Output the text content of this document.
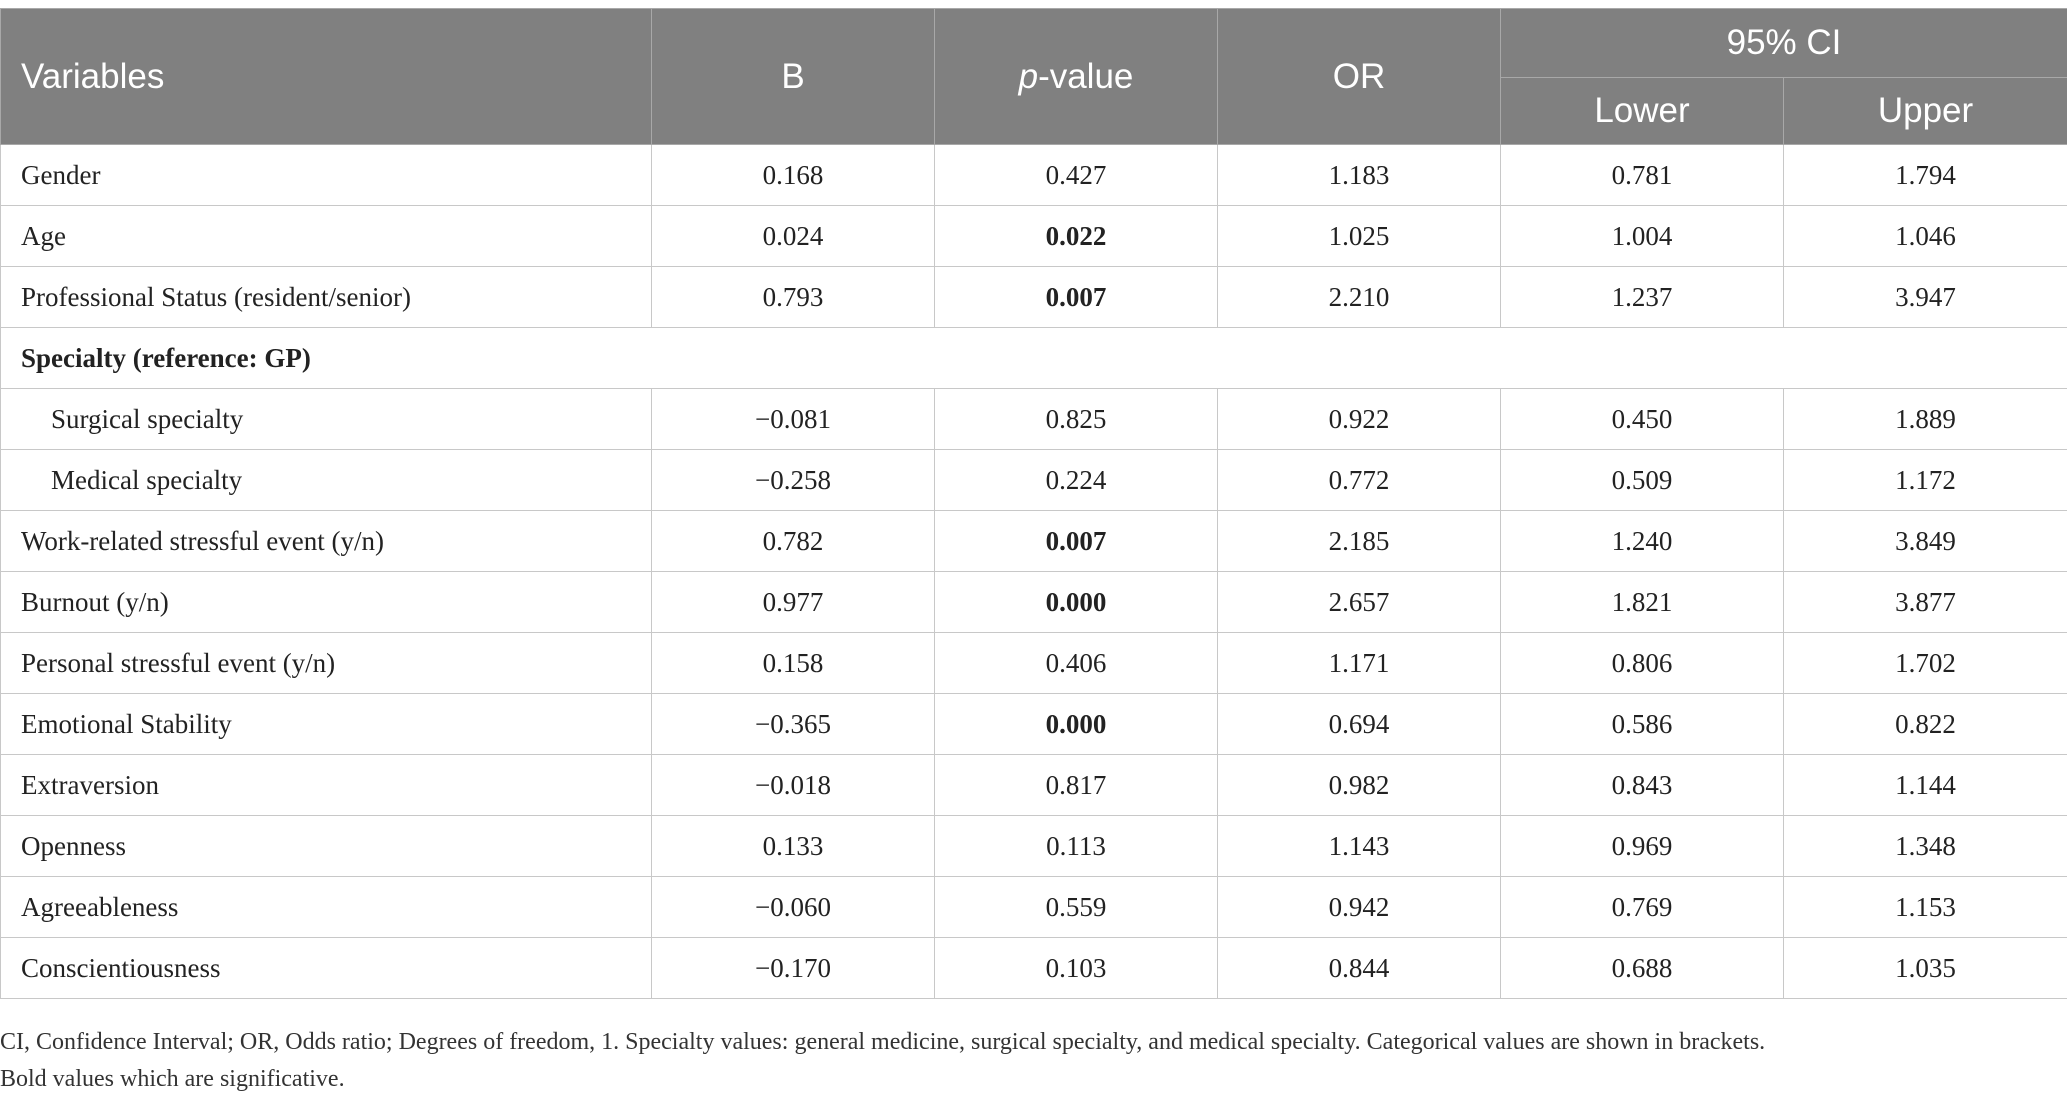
Variables	B	p-value	OR	95% CI	
				Lower	Upper
Gender	0.168	0.427	1.183	0.781	1.794
Age	0.024	0.022	1.025	1.004	1.046
Professional Status (resident/senior)	0.793	0.007	2.210	1.237	3.947
Specialty (reference: GP)					
Surgical specialty	−0.081	0.825	0.922	0.450	1.889
Medical specialty	−0.258	0.224	0.772	0.509	1.172
Work-related stressful event (y/n)	0.782	0.007	2.185	1.240	3.849
Burnout (y/n)	0.977	0.000	2.657	1.821	3.877
Personal stressful event (y/n)	0.158	0.406	1.171	0.806	1.702
Emotional Stability	−0.365	0.000	0.694	0.586	0.822
Extraversion	−0.018	0.817	0.982	0.843	1.144
Openness	0.133	0.113	1.143	0.969	1.348
Agreeableness	−0.060	0.559	0.942	0.769	1.153
Conscientiousness	−0.170	0.103	0.844	0.688	1.035
CI, Confidence Interval; OR, Odds ratio; Degrees of freedom, 1. Specialty values: general medicine, surgical specialty, and medical specialty. Categorical values are shown in brackets.
Bold values which are significative.
